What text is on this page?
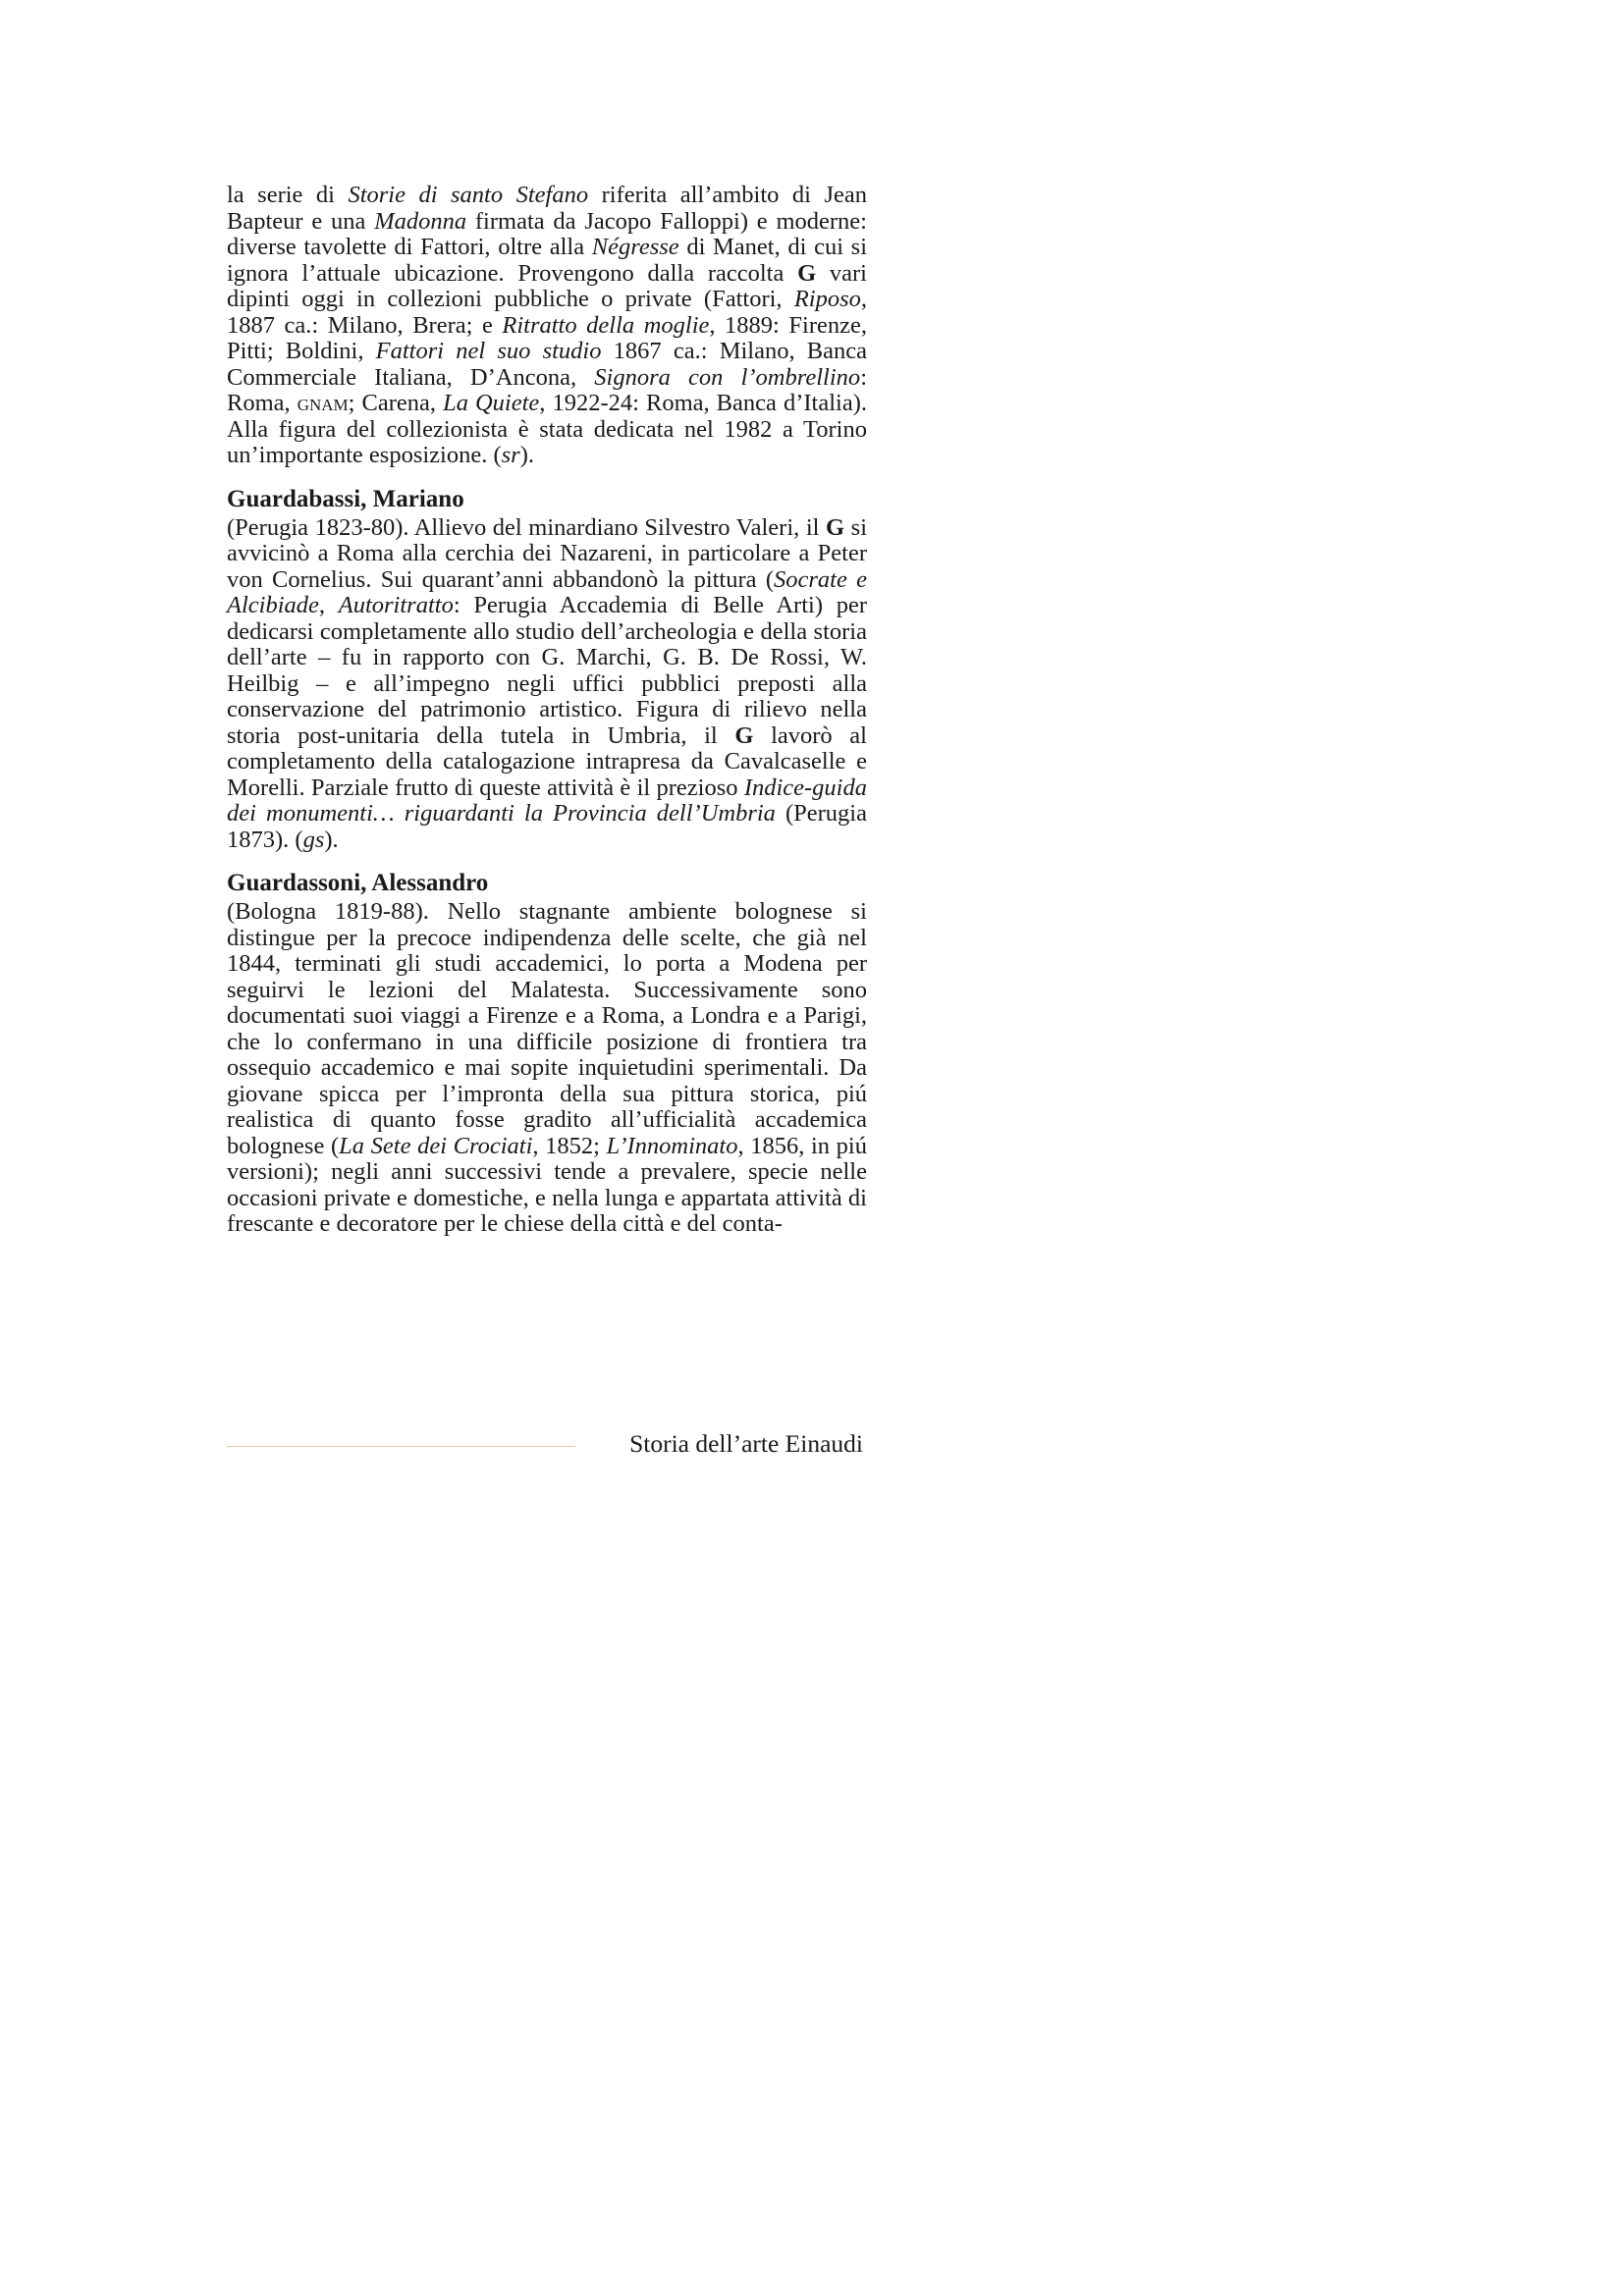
la serie di Storie di santo Stefano riferita all’ambito di Jean Bapteur e una Madonna firmata da Jacopo Falloppi) e moderne: diverse tavolette di Fattori, oltre alla Négresse di Manet, di cui si ignora l’attuale ubicazione. Provengono dalla raccolta G vari dipinti oggi in collezioni pubbliche o private (Fattori, Riposo, 1887 ca.: Milano, Brera; e Ritratto della moglie, 1889: Firenze, Pitti; Boldini, Fattori nel suo studio 1867 ca.: Milano, Banca Commerciale Italiana, D’Ancona, Signora con l’ombrellino: Roma, gnam; Carena, La Quiete, 1922-24: Roma, Banca d’Italia). Alla figura del collezionista è stata dedicata nel 1982 a Torino un’importante esposizione. (sr).

Guardabassi, Mariano

(Perugia 1823-80). Allievo del minardiano Silvestro Valeri, il G si avvicinò a Roma alla cerchia dei Nazareni, in particolare a Peter von Cornelius. Sui quarant’anni abbandonò la pittura (Socrate e Alcibiade, Autoritratto: Perugia Accademia di Belle Arti) per dedicarsi completamente allo studio dell’archeologia e della storia dell’arte – fu in rapporto con G. Marchi, G. B. De Rossi, W. Heilbig – e all’impegno negli uffici pubblici preposti alla conservazione del patrimonio artistico. Figura di rilievo nella storia post-unitaria della tutela in Umbria, il G lavorò al completamento della catalogazione intrapresa da Cavalcaselle e Morelli. Parziale frutto di queste attività è il prezioso Indice-guida dei monumenti… riguardanti la Provincia dell’Umbria (Perugia 1873). (gs).

Guardassoni, Alessandro

(Bologna 1819-88). Nello stagnante ambiente bolognese si distingue per la precoce indipendenza delle scelte, che già nel 1844, terminati gli studi accademici, lo porta a Modena per seguirvi le lezioni del Malatesta. Successivamente sono documentati suoi viaggi a Firenze e a Roma, a Londra e a Parigi, che lo confermano in una difficile posizione di frontiera tra ossequio accademico e mai sopite inquietudini sperimentali. Da giovane spicca per l’impronta della sua pittura storica, piú realistica di quanto fosse gradito all’ufficialità accademica bolognese (La Sete dei Crociati, 1852; L’Innominato, 1856, in piú versioni); negli anni successivi tende a prevalere, specie nelle occasioni private e domestiche, e nella lunga e appartata attività di frescante e decoratore per le chiese della città e del conta-

Storia dell’arte Einaudi
